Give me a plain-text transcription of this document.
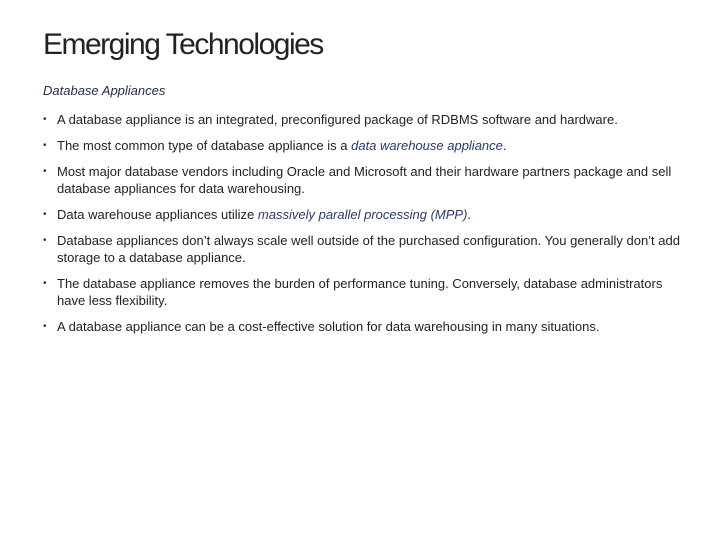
Emerging Technologies

Database Appliances

• A database appliance is an integrated, preconfigured package of RDBMS software and hardware.
• The most common type of database appliance is a data warehouse appliance.
• Most major database vendors including Oracle and Microsoft and their hardware partners package and sell database appliances for data warehousing.
• Data warehouse appliances utilize massively parallel processing (MPP).
• Database appliances don’t always scale well outside of the purchased configuration. You generally don’t add storage to a database appliance.
• The database appliance removes the burden of performance tuning. Conversely, database administrators have less flexibility.
• A database appliance can be a cost-effective solution for data warehousing in many situations.
